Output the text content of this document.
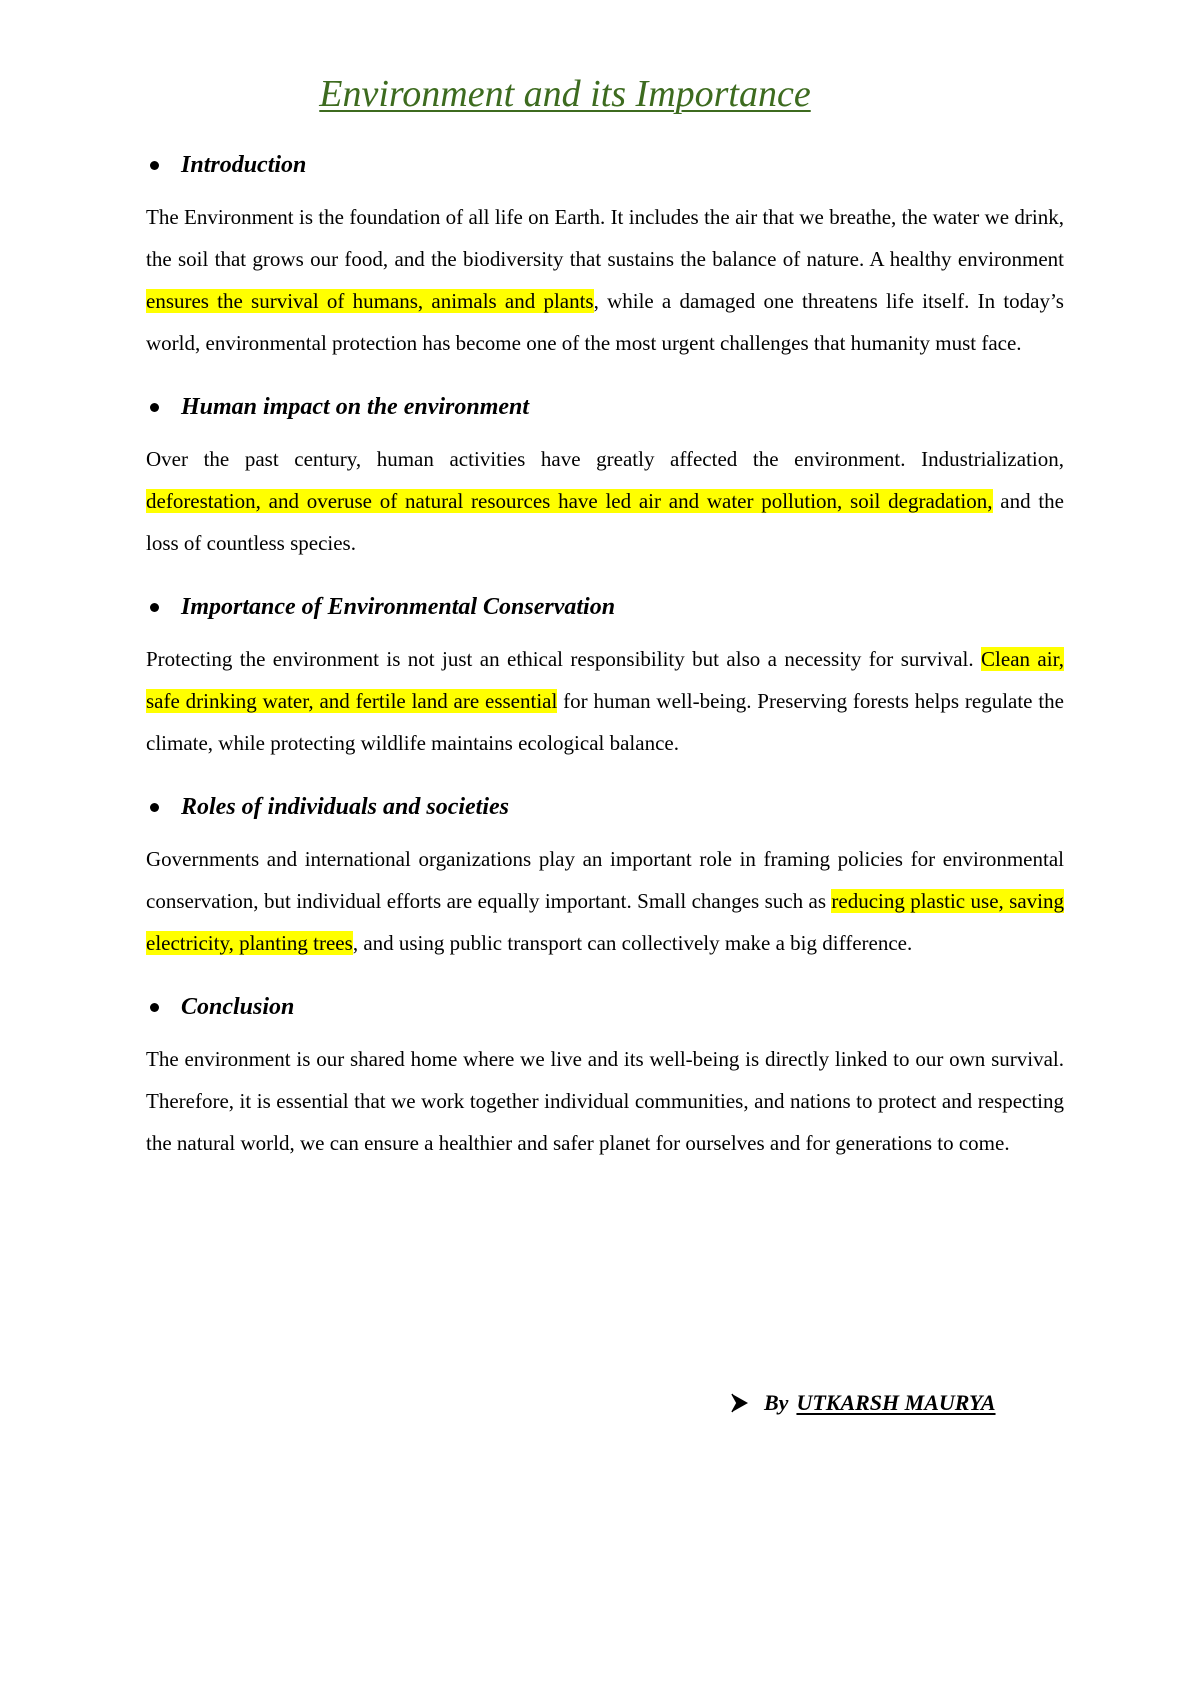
Environment and its Importance
Introduction

The Environment is the foundation of all life on Earth. It includes the air that we breathe, the water we drink, the soil that grows our food, and the biodiversity that sustains the balance of nature. A healthy environment ensures the survival of humans, animals and plants, while a damaged one threatens life itself. In today’s world, environmental protection has become one of the most urgent challenges that humanity must face.

Human impact on the environment

Over the past century, human activities have greatly affected the environment. Industrialization, deforestation, and overuse of natural resources have led air and water pollution, soil degradation, and the loss of countless species.

Importance of Environmental Conservation

Protecting the environment is not just an ethical responsibility but also a necessity for survival. Clean air, safe drinking water, and fertile land are essential for human well-being. Preserving forests helps regulate the climate, while protecting wildlife maintains ecological balance.

Roles of individuals and societies

Governments and international organizations play an important role in framing policies for environmental conservation, but individual efforts are equally important. Small changes such as reducing plastic use, saving electricity, planting trees, and using public transport can collectively make a big difference.

Conclusion

The environment is our shared home where we live and its well-being is directly linked to our own survival. Therefore, it is essential that we work together individual communities, and nations to protect and respecting the natural world, we can ensure a healthier and safer planet for ourselves and for generations to come.

By UTKARSH MAURYA
